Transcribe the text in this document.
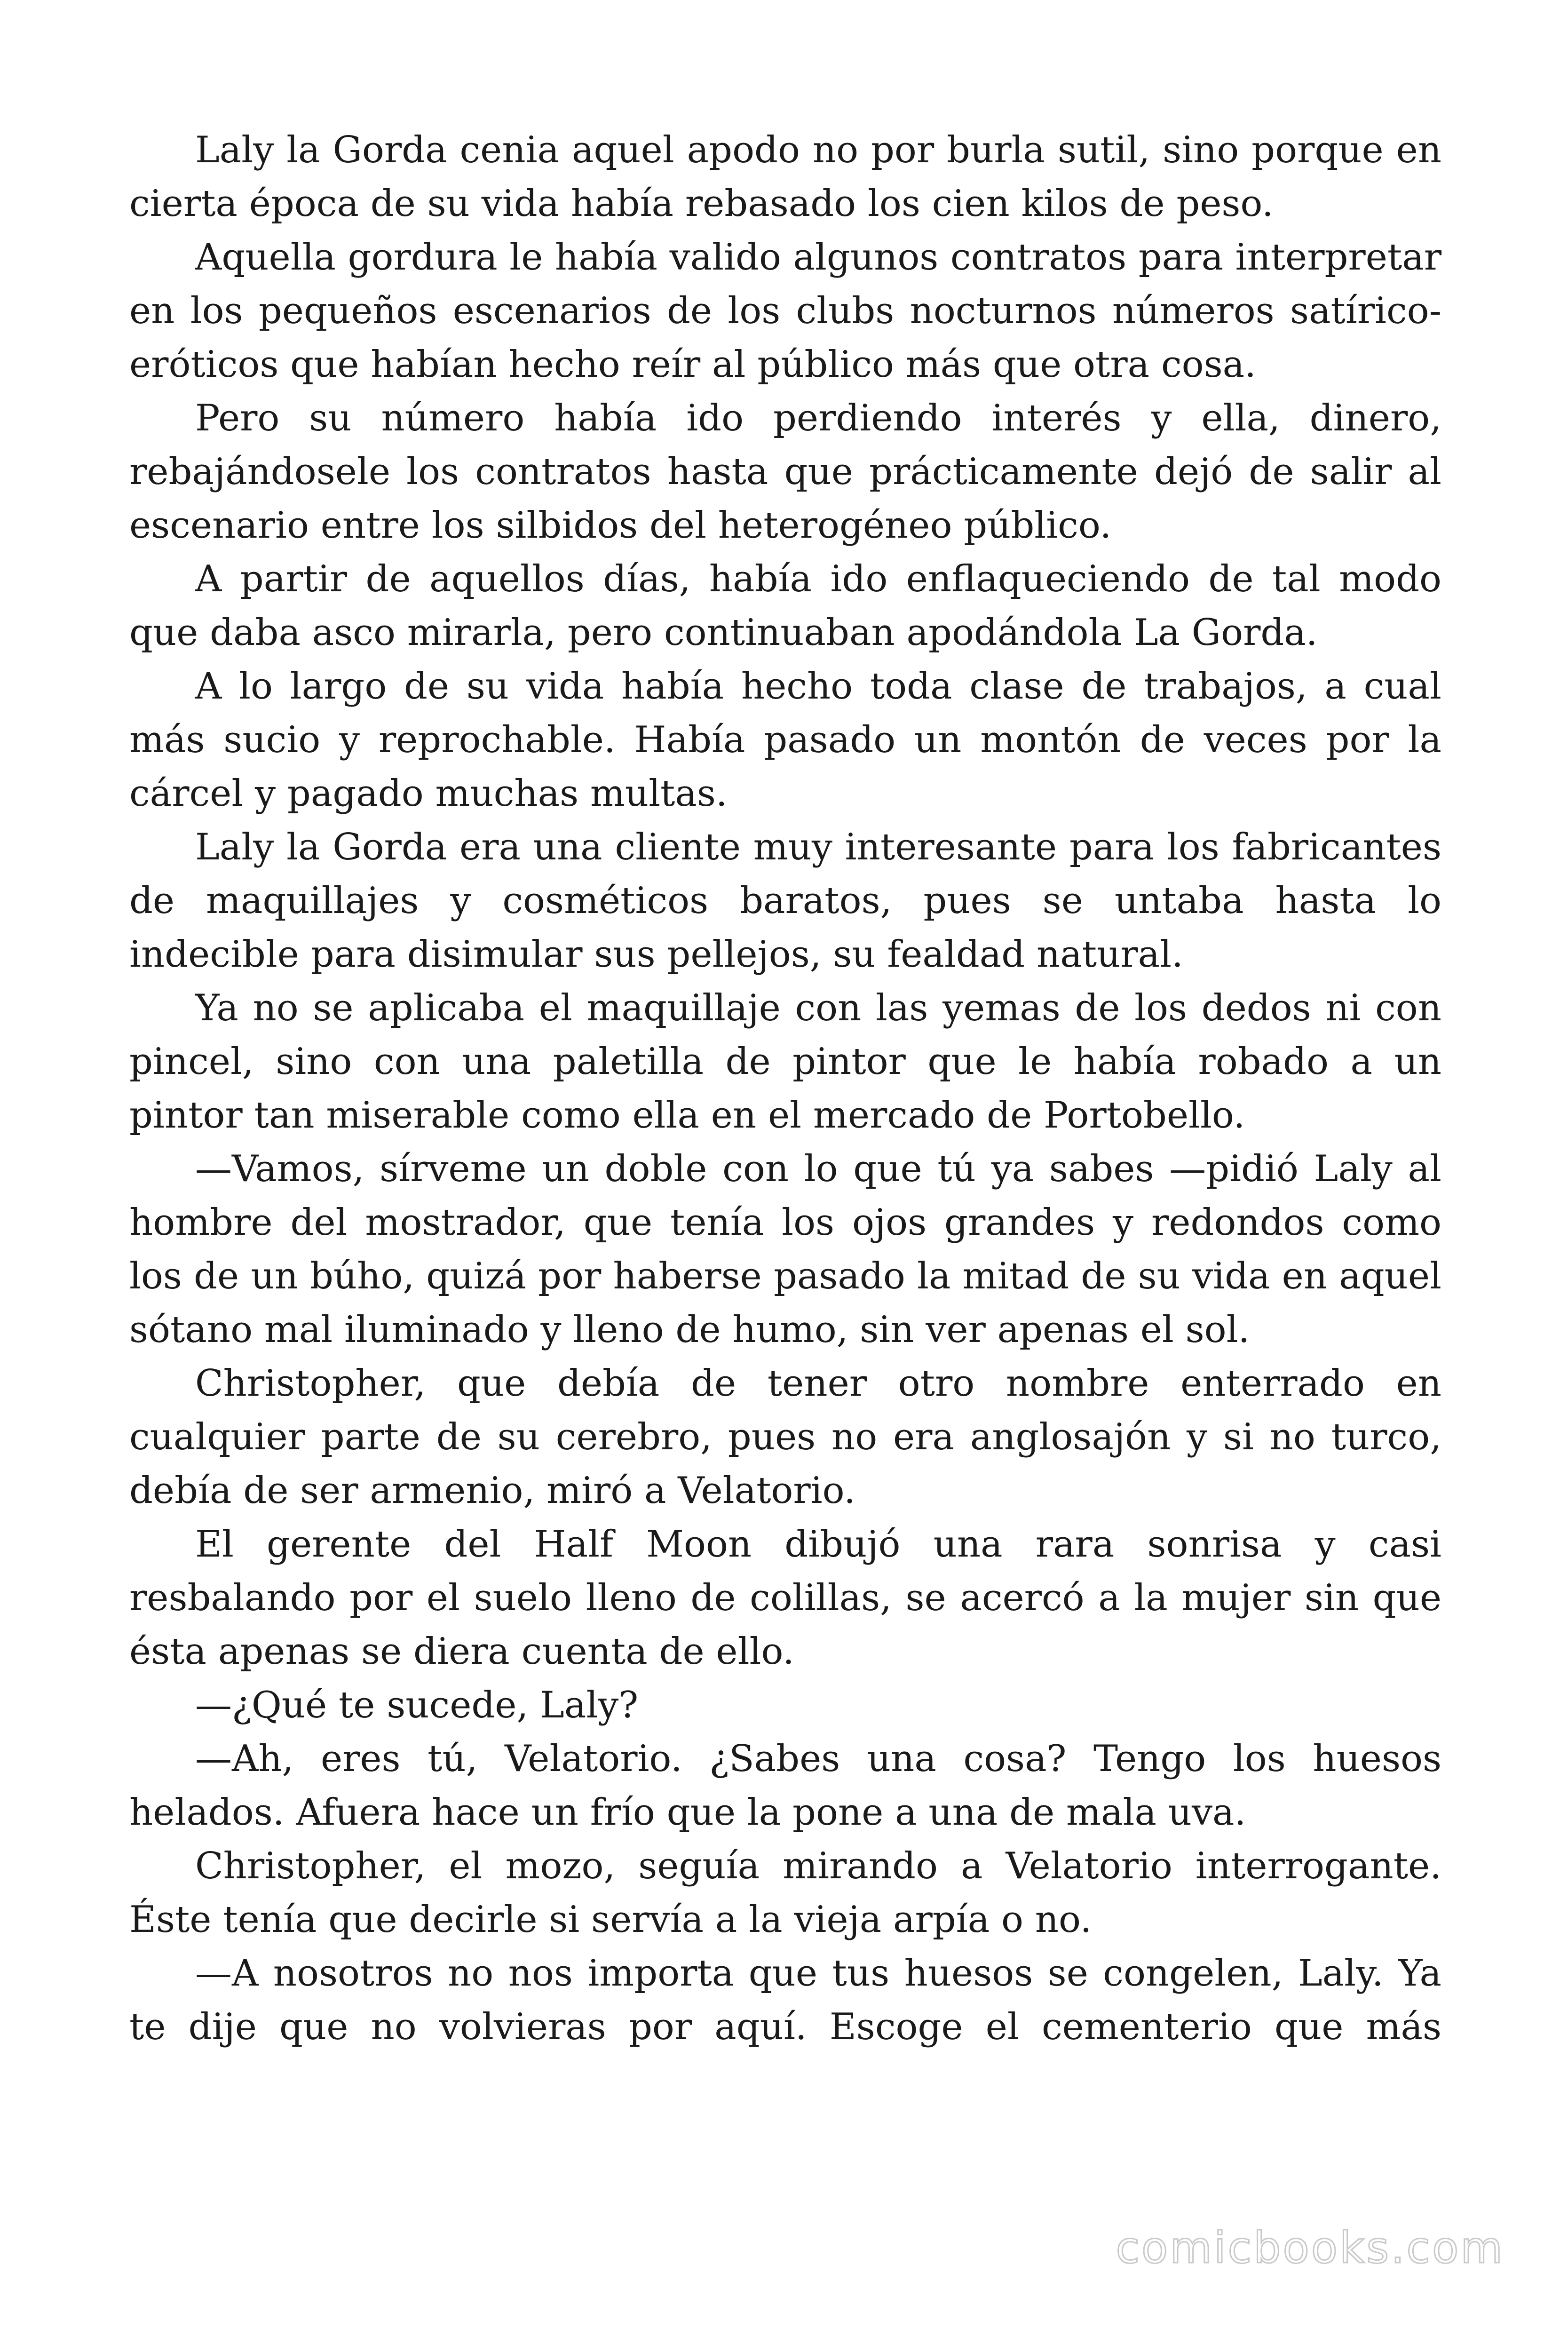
Laly la Gorda cenia aquel apodo no por burla sutil, sino porque en cierta época de su vida había rebasado los cien kilos de peso.

Aquella gordura le había valido algunos contratos para interpretar en los pequeños escenarios de los clubs nocturnos números satírico-eróticos que habían hecho reír al público más que otra cosa.

Pero su número había ido perdiendo interés y ella, dinero, rebajándosele los contratos hasta que prácticamente dejó de salir al escenario entre los silbidos del heterogéneo público.

A partir de aquellos días, había ido enflaqueciendo de tal modo que daba asco mirarla, pero continuaban apodándola La Gorda.

A lo largo de su vida había hecho toda clase de trabajos, a cual más sucio y reprochable. Había pasado un montón de veces por la cárcel y pagado muchas multas.

Laly la Gorda era una cliente muy interesante para los fabricantes de maquillajes y cosméticos baratos, pues se untaba hasta lo indecible para disimular sus pellejos, su fealdad natural.

Ya no se aplicaba el maquillaje con las yemas de los dedos ni con pincel, sino con una paletilla de pintor que le había robado a un pintor tan miserable como ella en el mercado de Portobello.

—Vamos, sírveme un doble con lo que tú ya sabes —pidió Laly al hombre del mostrador, que tenía los ojos grandes y redondos como los de un búho, quizá por haberse pasado la mitad de su vida en aquel sótano mal iluminado y lleno de humo, sin ver apenas el sol.

Christopher, que debía de tener otro nombre enterrado en cualquier parte de su cerebro, pues no era anglosajón y si no turco, debía de ser armenio, miró a Velatorio.

El gerente del Half Moon dibujó una rara sonrisa y casi resbalando por el suelo lleno de colillas, se acercó a la mujer sin que ésta apenas se diera cuenta de ello.

—¿Qué te sucede, Laly?

—Ah, eres tú, Velatorio. ¿Sabes una cosa? Tengo los huesos helados. Afuera hace un frío que la pone a una de mala uva.

Christopher, el mozo, seguía mirando a Velatorio interrogante. Éste tenía que decirle si servía a la vieja arpía o no.

—A nosotros no nos importa que tus huesos se congelen, Laly. Ya te dije que no volvieras por aquí. Escoge el cementerio que más

comicbooks.com
